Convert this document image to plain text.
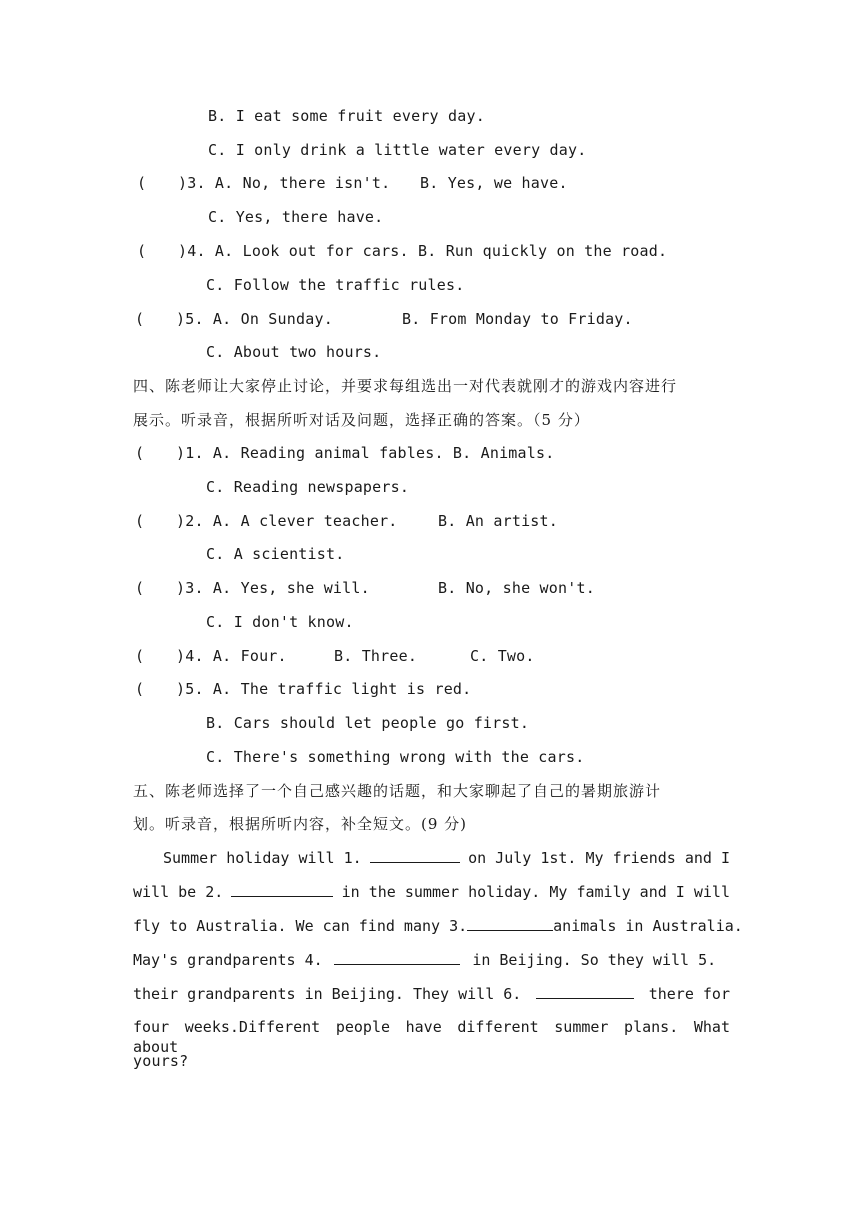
B. I eat some fruit every day.
C. I only drink a little water every day.
( )3. A. No, there isn't. B. Yes, we have.
C. Yes, there have.
( )4. A. Look out for cars. B. Run quickly on the road.
C. Follow the traffic rules.
( )5. A. On Sunday.	B. From Monday to Friday.
C. About two hours.
四、陈老师让大家停止讨论，并要求每组选出一对代表就刚才的游戏内容进行
展示。听录音，根据所听对话及问题，选择正确的答案。（5 分）
( )1. A. Reading animal fables. B. Animals.
C. Reading newspapers.
( )2. A. A clever teacher.	B. An artist.
C. A scientist.
( )3. A. Yes, she will.	B. No, she won't.
C. I don't know.
( )4. A. Four.	B. Three.	C. Two.
( )5. A. The traffic light is red.
B. Cars should let people go first.
C. There's something wrong with the cars.
五、陈老师选择了一个自己感兴趣的话题，和大家聊起了自己的暑期旅游计
划。听录音，根据所听内容，补全短文。(9 分)
Summer holiday will 1.	on July 1st. My friends and I
will be 2.	in the summer holiday. My family and I will
fly to Australia. We can find many 3.	animals in Australia.
May's grandparents 4.	in Beijing. So they will 5.
their grandparents in Beijing. They will 6.	there for
four weeks.Different people have different summer plans. What about
yours?
